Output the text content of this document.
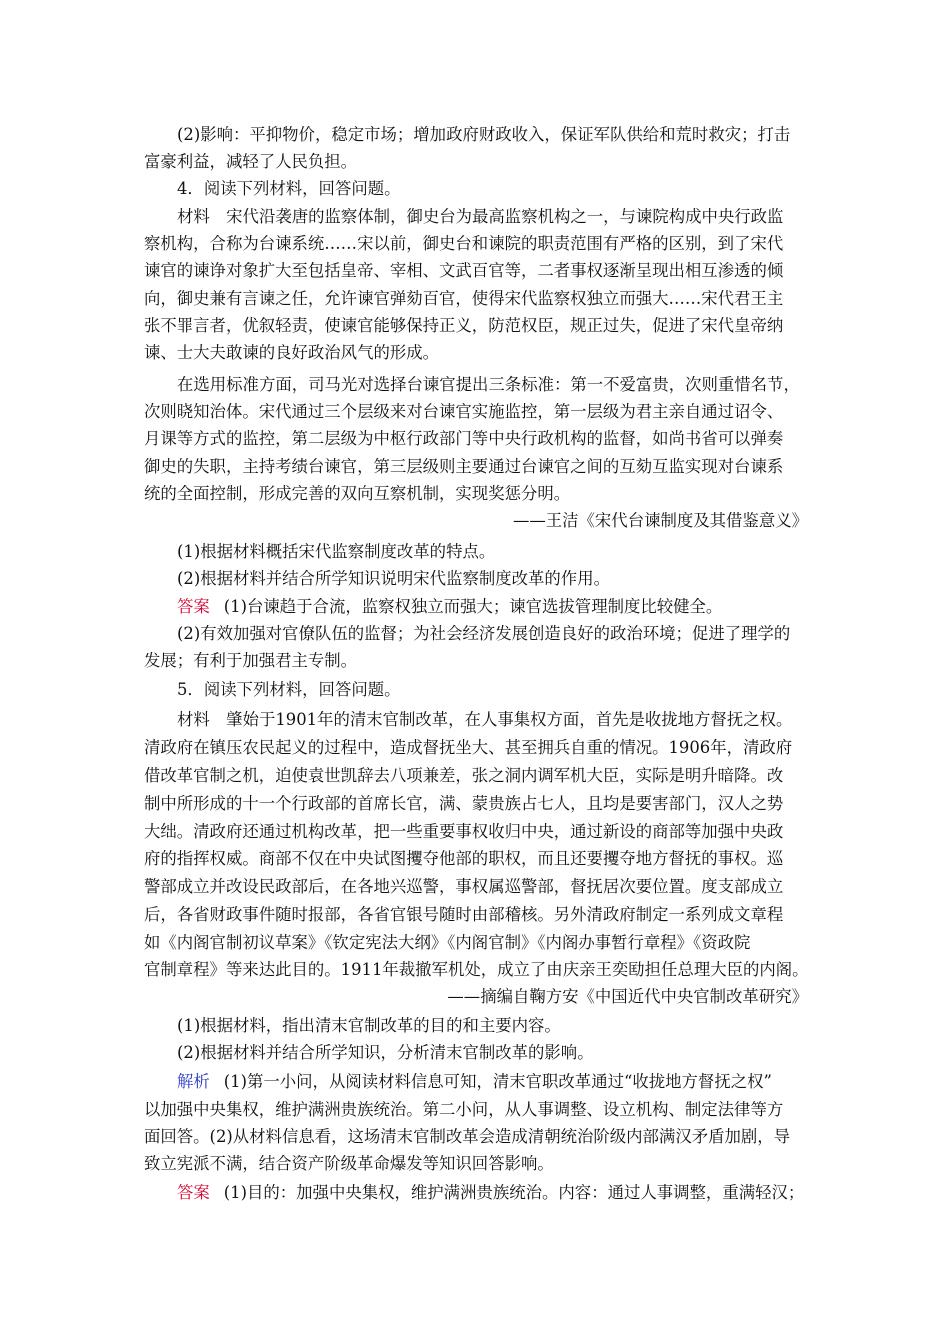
(2)影响：平抑物价，稳定市场；增加政府财政收入，保证军队供给和荒时救灾；打击
富豪利益，减轻了人民负担。
4．阅读下列材料，回答问题。
材料　宋代沿袭唐的监察体制，御史台为最高监察机构之一，与谏院构成中央行政监
察机构，合称为台谏系统……宋以前，御史台和谏院的职责范围有严格的区别，到了宋代
谏官的谏诤对象扩大至包括皇帝、宰相、文武百官等，二者事权逐渐呈现出相互渗透的倾
向，御史兼有言谏之任，允许谏官弹劾百官，使得宋代监察权独立而强大……宋代君王主
张不罪言者，优叙轻责，使谏官能够保持正义，防范权臣，规正过失，促进了宋代皇帝纳
谏、士大夫敢谏的良好政治风气的形成。
在选用标准方面，司马光对选择台谏官提出三条标准：第一不爱富贵，次则重惜名节，
次则晓知治体。宋代通过三个层级来对台谏官实施监控，第一层级为君主亲自通过诏令、
月课等方式的监控，第二层级为中枢行政部门等中央行政机构的监督，如尚书省可以弹奏
御史的失职，主持考绩台谏官，第三层级则主要通过台谏官之间的互劾互监实现对台谏系
统的全面控制，形成完善的双向互察机制，实现奖惩分明。
——王洁《宋代台谏制度及其借鉴意义》
(1)根据材料概括宋代监察制度改革的特点。
(2)根据材料并结合所学知识说明宋代监察制度改革的作用。
答案 (1)台谏趋于合流，监察权独立而强大；谏官选拔管理制度比较健全。
(2)有效加强对官僚队伍的监督；为社会经济发展创造良好的政治环境；促进了理学的
发展；有利于加强君主专制。
5．阅读下列材料，回答问题。
材料　肇始于1901年的清末官制改革，在人事集权方面，首先是收拢地方督抚之权。
清政府在镇压农民起义的过程中，造成督抚坐大、甚至拥兵自重的情况。1906年，清政府
借改革官制之机，迫使袁世凯辞去八项兼差，张之洞内调军机大臣，实际是明升暗降。改
制中所形成的十一个行政部的首席长官，满、蒙贵族占七人，且均是要害部门，汉人之势
大绌。清政府还通过机构改革，把一些重要事权收归中央，通过新设的商部等加强中央政
府的指挥权威。商部不仅在中央试图攫夺他部的职权，而且还要攫夺地方督抚的事权。巡
警部成立并改设民政部后，在各地兴巡警，事权属巡警部，督抚居次要位置。度支部成立
后，各省财政事件随时报部，各省官银号随时由部稽核。另外清政府制定一系列成文章程
如《内阁官制初议草案》《钦定宪法大纲》《内阁官制》《内阁办事暂行章程》《资政院
官制章程》等来达此目的。1911年裁撤军机处，成立了由庆亲王奕劻担任总理大臣的内阁。
——摘编自鞠方安《中国近代中央官制改革研究》
(1)根据材料，指出清末官制改革的目的和主要内容。
(2)根据材料并结合所学知识，分析清末官制改革的影响。
解析 (1)第一小问，从阅读材料信息可知，清末官职改革通过“收拢地方督抚之权”
以加强中央集权，维护满洲贵族统治。第二小问，从人事调整、设立机构、制定法律等方
面回答。(2)从材料信息看，这场清末官制改革会造成清朝统治阶级内部满汉矛盾加剧，导
致立宪派不满，结合资产阶级革命爆发等知识回答影响。
答案 (1)目的：加强中央集权，维护满洲贵族统治。内容：通过人事调整，重满轻汉；
